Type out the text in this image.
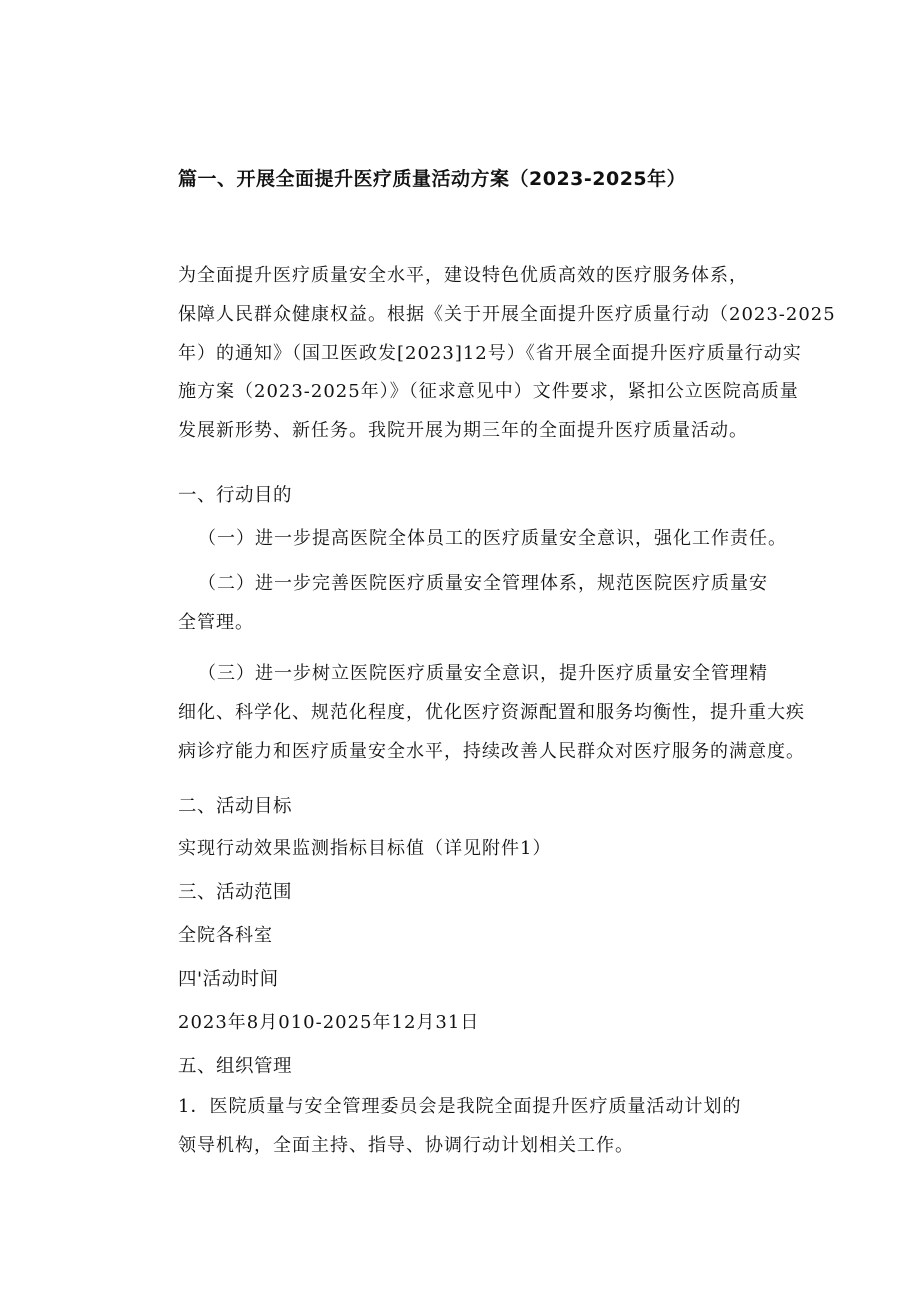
篇一、开展全面提升医疗质量活动方案（2023-2025年）
为全面提升医疗质量安全水平，建设特色优质高效的医疗服务体系，
保障人民群众健康权益。根据《关于开展全面提升医疗质量行动（2023-2025
年）的通知》（国卫医政发[2023]12号）《省开展全面提升医疗质量行动实
施方案（2023-2025年）》（征求意见中）文件要求，紧扣公立医院高质量
发展新形势、新任务。我院开展为期三年的全面提升医疗质量活动。
一、行动目的
（一）进一步提高医院全体员工的医疗质量安全意识，强化工作责任。
（二）进一步完善医院医疗质量安全管理体系，规范医院医疗质量安
全管理。
（三）进一步树立医院医疗质量安全意识，提升医疗质量安全管理精
细化、科学化、规范化程度，优化医疗资源配置和服务均衡性，提升重大疾
病诊疗能力和医疗质量安全水平，持续改善人民群众对医疗服务的满意度。
二、活动目标
实现行动效果监测指标目标值（详见附件1）
三、活动范围
全院各科室
四'活动时间
2023年8月010-2025年12月31日
五、组织管理
1．医院质量与安全管理委员会是我院全面提升医疗质量活动计划的
领导机构，全面主持、指导、协调行动计划相关工作。
